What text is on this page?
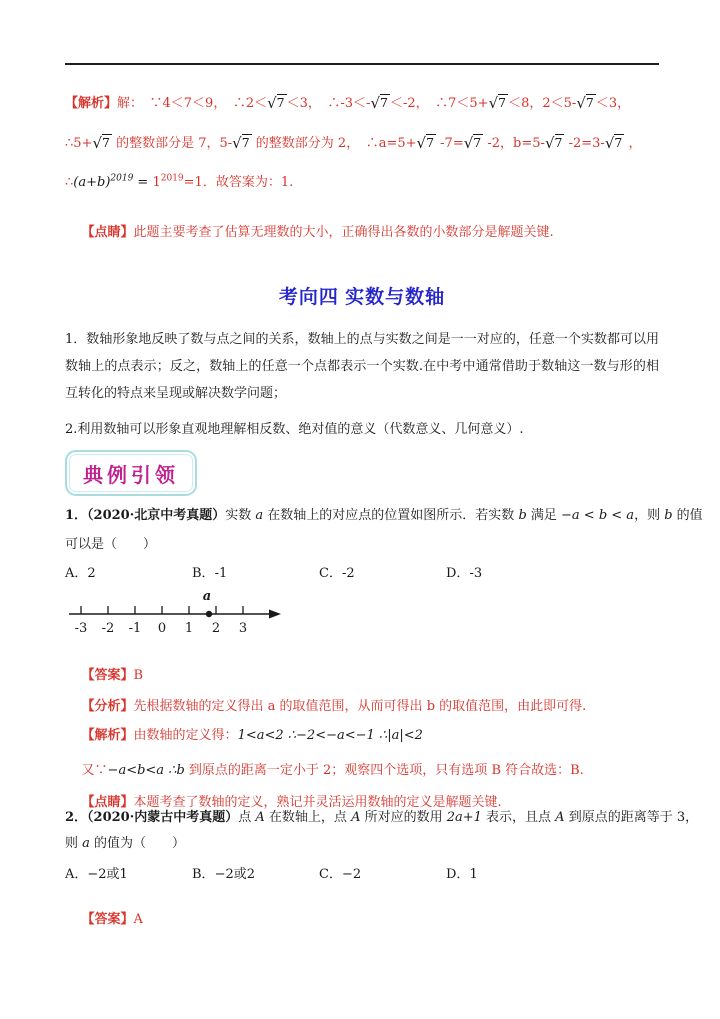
【解析】解：　∵4＜7＜9，　∴2＜√7 ＜3，　∴-3＜-√7 ＜-2，　∴7＜5+√7 ＜8，2＜5-√7 ＜3，
∴5+√7 的整数部分是 7，5-√7 的整数部分为 2，　∴a=5+√7 -7=√7 -2，b=5-√7 -2=3-√7 ，
$\therefore(a+b)^{2019} = 1^{2019}=1$．故答案为：1.

【点睛】此题主要考查了估算无理数的大小，正确得出各数的小数部分是解题关键.

考向四 实数与数轴
1．数轴形象地反映了数与点之间的关系，数轴上的点与实数之间是一一对应的，任意一个实数都可以用数轴上的点表示；反之，数轴上的任意一个点都表示一个实数.在中考中通常借助于数轴这一数与形的相互转化的特点来呈现或解决数学问题；
2.利用数轴可以形象直观地理解相反数、绝对值的意义（代数意义、几何意义）.
典例引领
1．（2020·北京中考真题）实数 a 在数轴上的对应点的位置如图所示．若实数 b 满足 −a < b < a，则 b 的值
可以是（　　）
A．2	B．-1	C．-2	D．-3
-3 -2 -1 0 1 2 3
a

【答案】B

【分析】先根据数轴的定义得出 a 的取值范围，从而可得出 b 的取值范围，由此即可得.

【解析】由数轴的定义得：1<a<2 ∴−2<−a<−1 ∴|a|<2

又∵−a<b<a ∴b 到原点的距离一定小于 2；观察四个选项，只有选项 B 符合故选：B.

【点睛】本题考查了数轴的定义，熟记并灵活运用数轴的定义是解题关键.

2．（2020·内蒙古中考真题）点 A 在数轴上，点 A 所对应的数用 2a+1 表示，且点 A 到原点的距离等于 3，
则 a 的值为（　　）
A．−2或1	B．−2或2	C．−2	D．1

【答案】A
